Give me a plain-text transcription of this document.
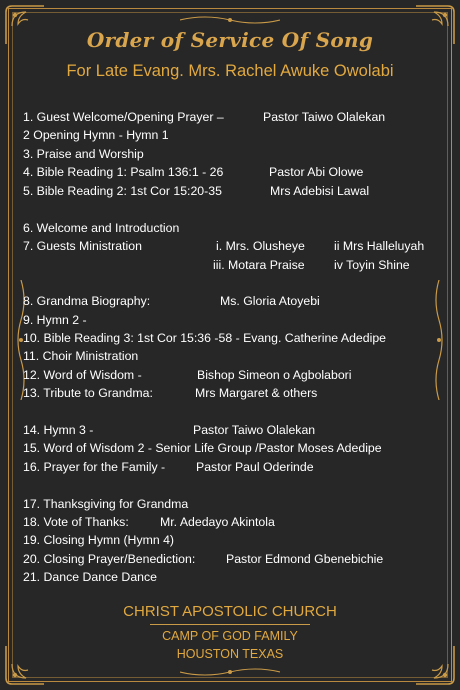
Order of Service Of Song
For Late Evang. Mrs. Rachel Awuke Owolabi
1. Guest Welcome/Opening Prayer –	Pastor Taiwo Olalekan
2 Opening Hymn - Hymn 1
3. Praise and Worship
4. Bible Reading 1: Psalm 136:1 - 26	Pastor Abi Olowe
5. Bible Reading 2: 1st Cor 15:20-35	Mrs Adebisi Lawal
6. Welcome and Introduction
7. Guests Ministration	i. Mrs. Olusheye ii Mrs Halleluyah
iii. Motara Praise iv Toyin Shine
8. Grandma Biography:	Ms. Gloria Atoyebi
9. Hymn 2 -
10. Bible Reading 3: 1st Cor 15:36 -58 - Evang. Catherine Adedipe
11. Choir Ministration
12. Word of Wisdom -	Bishop Simeon o Agbolabori
13. Tribute to Grandma:	Mrs Margaret & others
14. Hymn 3 -	Pastor Taiwo Olalekan
15. Word of Wisdom 2 - Senior Life Group /Pastor Moses Adedipe
16. Prayer for the Family -	Pastor Paul Oderinde
17. Thanksgiving for Grandma
18. Vote of Thanks:	Mr. Adedayo Akintola
19. Closing Hymn (Hymn 4)
20. Closing Prayer/Benediction: Pastor Edmond Gbenebichie
21. Dance Dance Dance
CHRIST APOSTOLIC CHURCH
CAMP OF GOD FAMILY
HOUSTON TEXAS
